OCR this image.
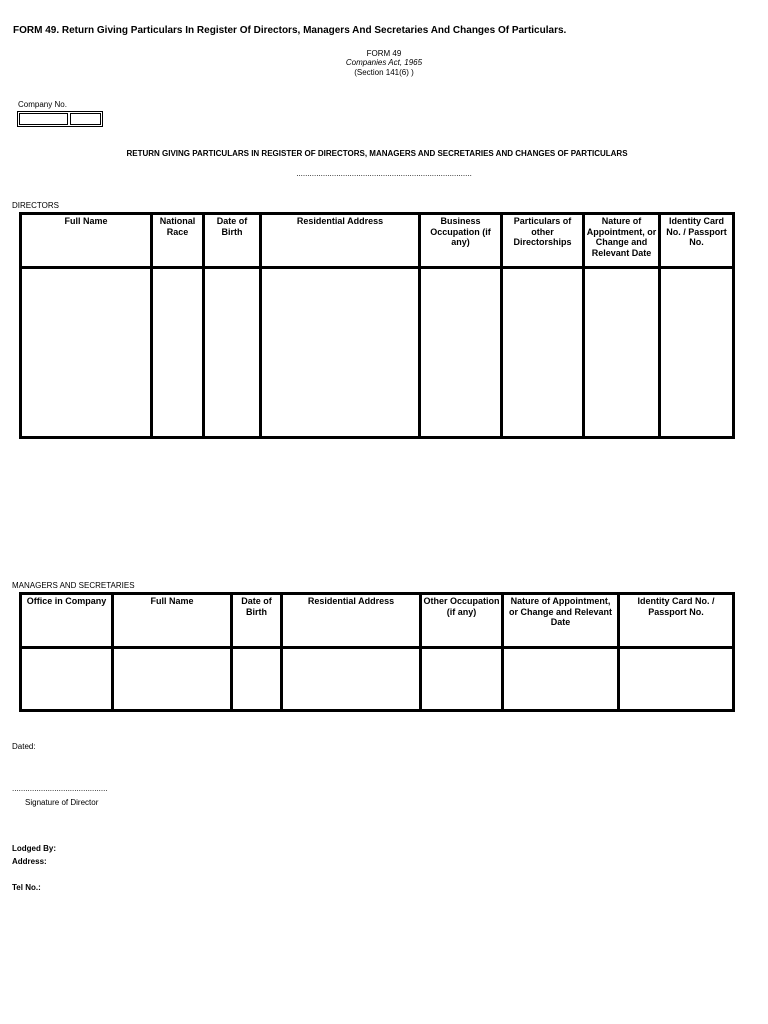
FORM 49. Return Giving Particulars In Register Of Directors, Managers And Secretaries And Changes Of Particulars.
FORM 49
Companies Act, 1965
(Section 141(6) )
Company No.
RETURN GIVING PARTICULARS IN REGISTER OF DIRECTORS, MANAGERS AND SECRETARIES AND CHANGES OF PARTICULARS
...............................................................................
DIRECTORS
Full Name	National Race	Date of Birth	Residential Address	Business Occupation (if any)	Particulars of other Directorships	Nature of Appointment, or Change and Relevant Date	Identity Card No. / Passport No.

MANAGERS AND SECRETARIES
Office in Company	Full Name	Date of Birth	Residential Address	Other Occupation (if any)	Nature of Appointment, or Change and Relevant Date	Identity Card No. / Passport No.

Dated:
...........................................
Signature of Director
Lodged By:
Address:
Tel No.:
